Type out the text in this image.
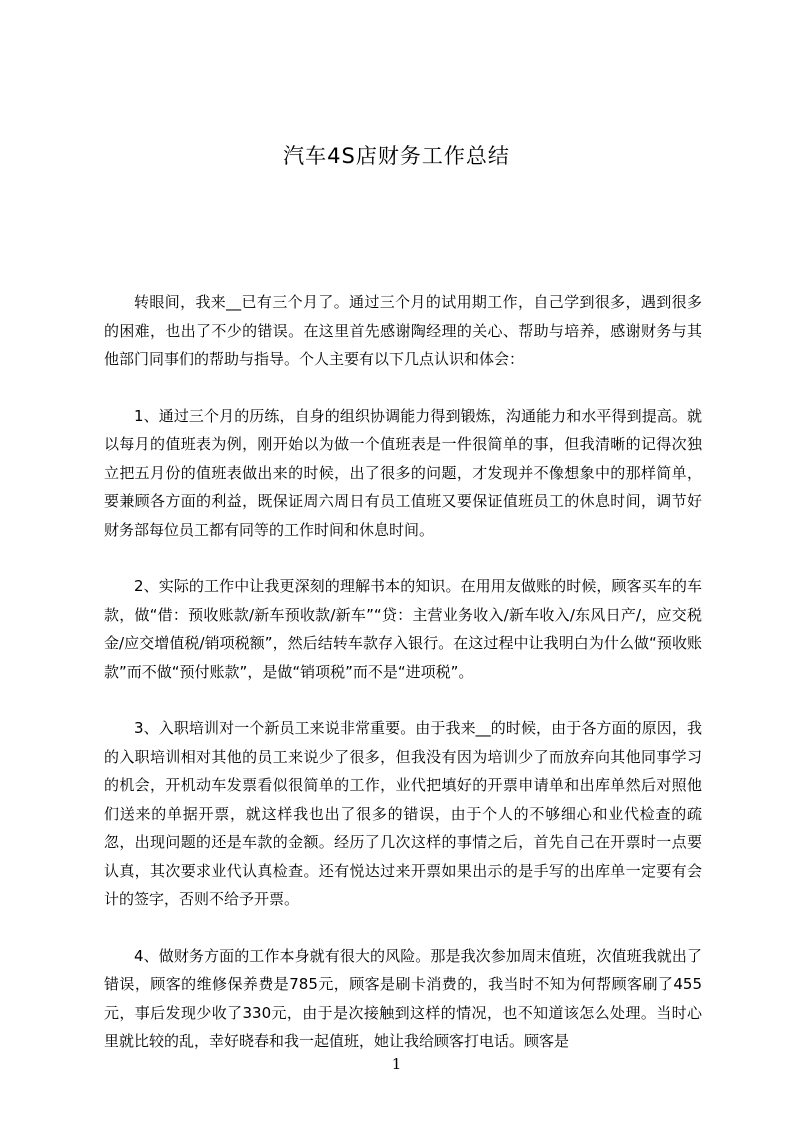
汽车4S店财务工作总结

转眼间，我来__已有三个月了。通过三个月的试用期工作，自己学到很多，遇到很多的困难，也出了不少的错误。在这里首先感谢陶经理的关心、帮助与培养，感谢财务与其他部门同事们的帮助与指导。个人主要有以下几点认识和体会：

1、通过三个月的历练，自身的组织协调能力得到锻炼，沟通能力和水平得到提高。就以每月的值班表为例，刚开始以为做一个值班表是一件很简单的事，但我清晰的记得次独立把五月份的值班表做出来的时候，出了很多的问题，才发现并不像想象中的那样简单，要兼顾各方面的利益，既保证周六周日有员工值班又要保证值班员工的休息时间，调节好财务部每位员工都有同等的工作时间和休息时间。

2、实际的工作中让我更深刻的理解书本的知识。在用用友做账的时候，顾客买车的车款，做“借：预收账款/新车预收款/新车”“贷：主营业务收入/新车收入/东风日产/，应交税金/应交增值税/销项税额”，然后结转车款存入银行。在这过程中让我明白为什么做“预收账款”而不做“预付账款”，是做“销项税”而不是“进项税”。

3、入职培训对一个新员工来说非常重要。由于我来__的时候，由于各方面的原因，我的入职培训相对其他的员工来说少了很多，但我没有因为培训少了而放弃向其他同事学习的机会，开机动车发票看似很简单的工作，业代把填好的开票申请单和出库单然后对照他们送来的单据开票，就这样我也出了很多的错误，由于个人的不够细心和业代检查的疏忽，出现问题的还是车款的金额。经历了几次这样的事情之后，首先自己在开票时一点要认真，其次要求业代认真检查。还有悦达过来开票如果出示的是手写的出库单一定要有会计的签字，否则不给予开票。

4、做财务方面的工作本身就有很大的风险。那是我次参加周末值班，次值班我就出了错误，顾客的维修保养费是785元，顾客是刷卡消费的，我当时不知为何帮顾客刷了455元，事后发现少收了330元，由于是次接触到这样的情况，也不知道该怎么处理。当时心里就比较的乱，幸好晓春和我一起值班，她让我给顾客打电话。顾客是

1
